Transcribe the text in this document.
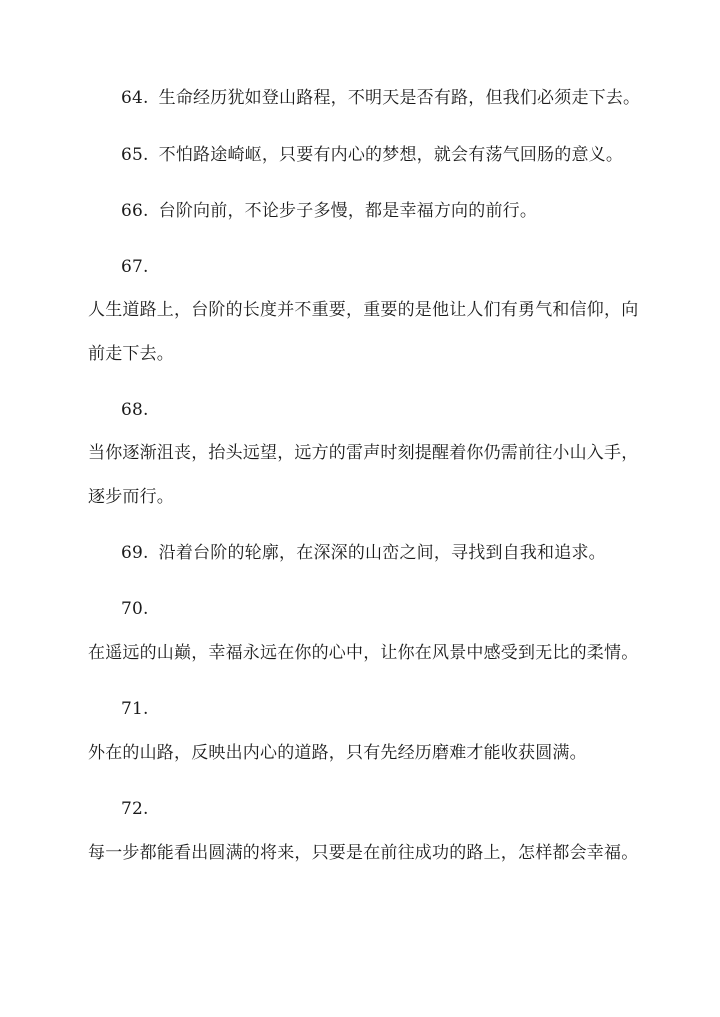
64. 生命经历犹如登山路程，不明天是否有路，但我们必须走下去。
65. 不怕路途崎岖，只要有内心的梦想，就会有荡气回肠的意义。
66. 台阶向前，不论步子多慢，都是幸福方向的前行。
67.
人生道路上，台阶的长度并不重要，重要的是他让人们有勇气和信仰，向
前走下去。
68.
当你逐渐沮丧，抬头远望，远方的雷声时刻提醒着你仍需前往小山入手，
逐步而行。
69. 沿着台阶的轮廓，在深深的山峦之间，寻找到自我和追求。
70.
在遥远的山巅，幸福永远在你的心中，让你在风景中感受到无比的柔情。
71.
外在的山路，反映出内心的道路，只有先经历磨难才能收获圆满。
72.
每一步都能看出圆满的将来，只要是在前往成功的路上，怎样都会幸福。
